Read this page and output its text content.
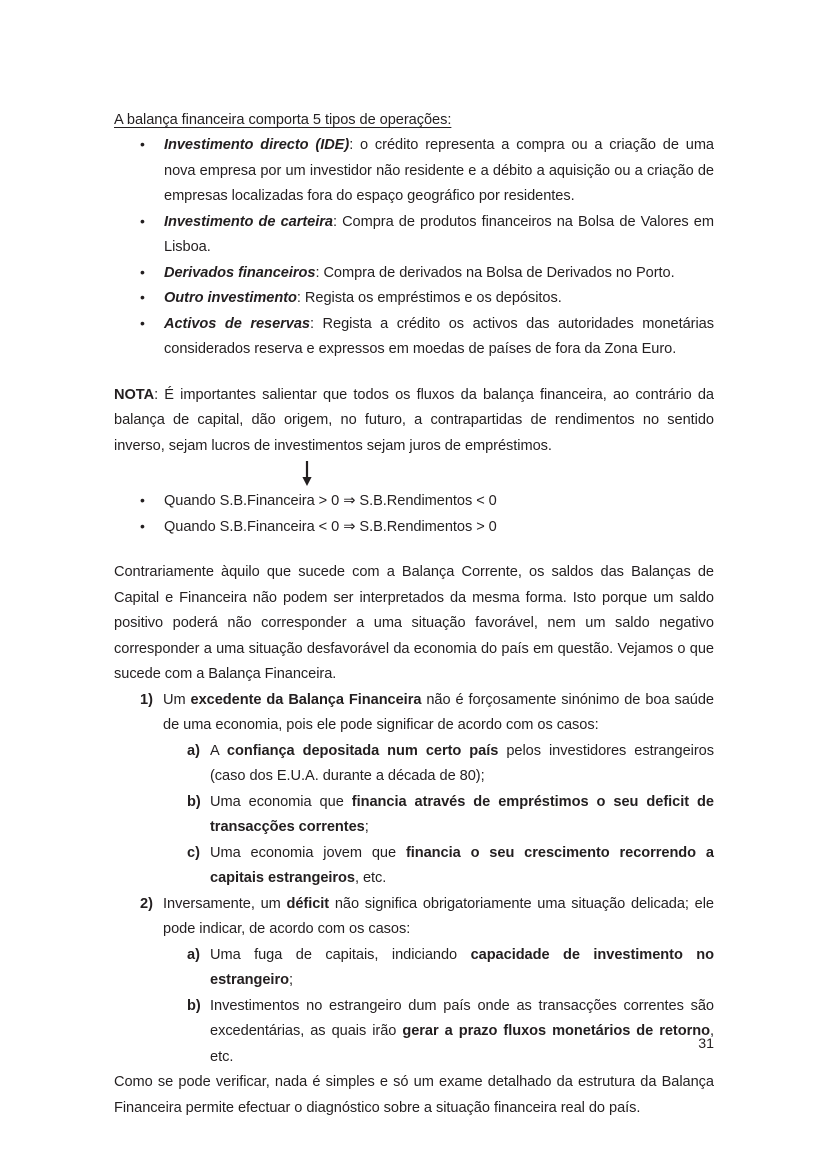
A balança financeira comporta 5 tipos de operações:
• Investimento directo (IDE): o crédito representa a compra ou a criação de uma nova empresa por um investidor não residente e a débito a aquisição ou a criação de empresas localizadas fora do espaço geográfico por residentes.
• Investimento de carteira: Compra de produtos financeiros na Bolsa de Valores em Lisboa.
• Derivados financeiros: Compra de derivados na Bolsa de Derivados no Porto.
• Outro investimento: Regista os empréstimos e os depósitos.
• Activos de reservas: Regista a crédito os activos das autoridades monetárias considerados reserva e expressos em moedas de países de fora da Zona Euro.

NOTA: É importantes salientar que todos os fluxos da balança financeira, ao contrário da balança de capital, dão origem, no futuro, a contrapartidas de rendimentos no sentido inverso, sejam lucros de investimentos sejam juros de empréstimos.

• Quando S.B.Financeira > 0 ⇒ S.B.Rendimentos < 0
• Quando S.B.Financeira < 0 ⇒ S.B.Rendimentos > 0

Contrariamente àquilo que sucede com a Balança Corrente, os saldos das Balanças de Capital e Financeira não podem ser interpretados da mesma forma. Isto porque um saldo positivo poderá não corresponder a uma situação favorável, nem um saldo negativo corresponder a uma situação desfavorável da economia do país em questão. Vejamos o que sucede com a Balança Financeira.

1) Um excedente da Balança Financeira não é forçosamente sinónimo de boa saúde de uma economia, pois ele pode significar de acordo com os casos:
a) A confiança depositada num certo país pelos investidores estrangeiros (caso dos E.U.A. durante a década de 80);
b) Uma economia que financia através de empréstimos o seu deficit de transacções correntes;
c) Uma economia jovem que financia o seu crescimento recorrendo a capitais estrangeiros, etc.
2) Inversamente, um déficit não significa obrigatoriamente uma situação delicada; ele pode indicar, de acordo com os casos:
a) Uma fuga de capitais, indiciando capacidade de investimento no estrangeiro;
b) Investimentos no estrangeiro dum país onde as transacções correntes são excedentárias, as quais irão gerar a prazo fluxos monetários de retorno, etc.

Como se pode verificar, nada é simples e só um exame detalhado da estrutura da Balança Financeira permite efectuar o diagnóstico sobre a situação financeira real do país.

31
